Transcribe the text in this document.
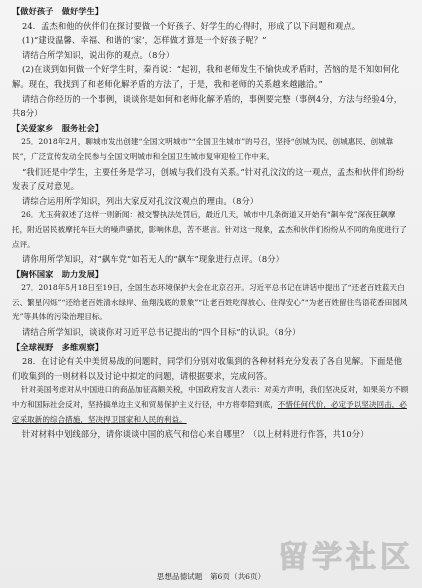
【做好孩子　做好学生】

24．孟杰和他的伙伴们在探讨要做一个好孩子、好学生的心得时，形成了以下问题和观点。

(1)“建设温馨、幸福、和谐的‘家’，怎样做才算是一个好孩子呢？”

请结合所学知识，说出你的观点。（8分）

(2)在谈到如何做一个好学生时，秦肖说：“起初，我和老师发生不愉快或矛盾时，苦恼的是不知如何化解。现在，我找到了和老师化解矛盾的方法了，于是，我和老师的关系越来越融洽。”

请结合你经历的一个事例，谈谈你是如何和老师化解矛盾的，事例要完整（事例4分，方法与经验4分，共8分）

【关爱家乡　服务社会】

25．2018年2月，聊城市发出创建“全国文明城市”“全国卫生城市”的号召，坚持“创城为民、创城惠民、创城靠民”，广泛宣传发动全民参与全国文明城市和全国卫生城市复审迎检工作中来。

“我们还是中学生，主要任务是学习，创城与我们没有关系。”针对孔汶汶的这一观点，孟杰和伙伴们纷纷发表了反对意见。

请综合运用所学知识，列出大家反对孔汶汶观点的理由。（8分）

26．尤玉荷叙述了这样一则新闻：被交警执法处罚后，最近几天，城市中几条街道又开始有“飙车党”深夜狂飙摩托，附近居民被摩托车巨大的噪声骚扰，影响休息，苦不堪言。针对这一现象，孟杰和伙伴们纷纷从不同的角度进行了点评。

请你用所学知识，对“飙车党”如若无人的“飙车”现象进行点评。（8分）

【胸怀国家　助力发展】

27．2018年5月18日至19日，全国生态环境保护大会在北京召开。习近平总书记在讲话中提出了“还老百姓蓝天白云、繁星闪烁”“还给老百姓清水绿岸、鱼翔浅底的景象”“让老百姓吃得放心、住得安心”“为老百姓留住鸟语花香田园风光”等具体的污染治理目标。

请结合所学知识，谈谈你对习近平总书记提出的“四个目标”的认识。（8分）

【全球视野　多维观察】

28．在讨论有关中美贸易战的问题时，同学们分别对收集到的各种材料充分发表了各自见解。下面是他们收集到的一则材料以及讨论中拟定的问题，请根据要求，完成问答。

针对美国考虑对从中国进口的商品加征高额关税，中国政府发言人表示：对美方声明，我们坚决反对，如果美方不顾中方和国际社会反对，坚持搞单边主义和贸易保护主义行径，中方将奉陪到底，不惜任何代价，必定予以坚决回击，必定采取新的综合措施，坚决捍卫国家和人民的利益。

针对材料中划线部分，请你谈谈中国的底气和信心来自哪里？（以上材料进行作答，共10分）

思想品德试题　第6页（共6页）
留学社区
